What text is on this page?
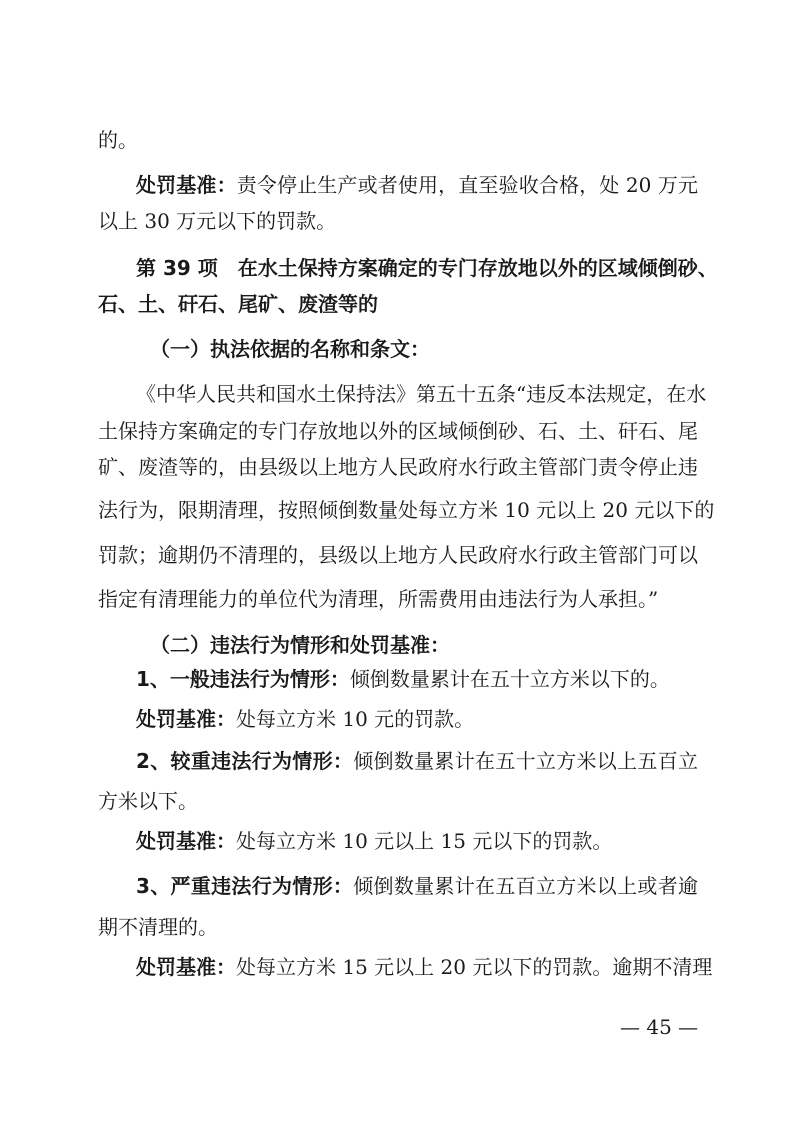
的。
处罚基准：责令停止生产或者使用，直至验收合格，处 20 万元
以上 30 万元以下的罚款。
第 39 项　在水土保持方案确定的专门存放地以外的区域倾倒砂、
石、土、矸石、尾矿、废渣等的
（一）执法依据的名称和条文：
《中华人民共和国水土保持法》第五十五条“违反本法规定，在水
土保持方案确定的专门存放地以外的区域倾倒砂、石、土、矸石、尾
矿、废渣等的，由县级以上地方人民政府水行政主管部门责令停止违
法行为，限期清理，按照倾倒数量处每立方米 10 元以上 20 元以下的
罚款；逾期仍不清理的，县级以上地方人民政府水行政主管部门可以
指定有清理能力的单位代为清理，所需费用由违法行为人承担。”
（二）违法行为情形和处罚基准：
1、一般违法行为情形：倾倒数量累计在五十立方米以下的。
处罚基准：处每立方米 10 元的罚款。
2、较重违法行为情形：倾倒数量累计在五十立方米以上五百立
方米以下。
处罚基准：处每立方米 10 元以上 15 元以下的罚款。
3、严重违法行为情形：倾倒数量累计在五百立方米以上或者逾
期不清理的。
处罚基准：处每立方米 15 元以上 20 元以下的罚款。逾期不清理
— 45 —
